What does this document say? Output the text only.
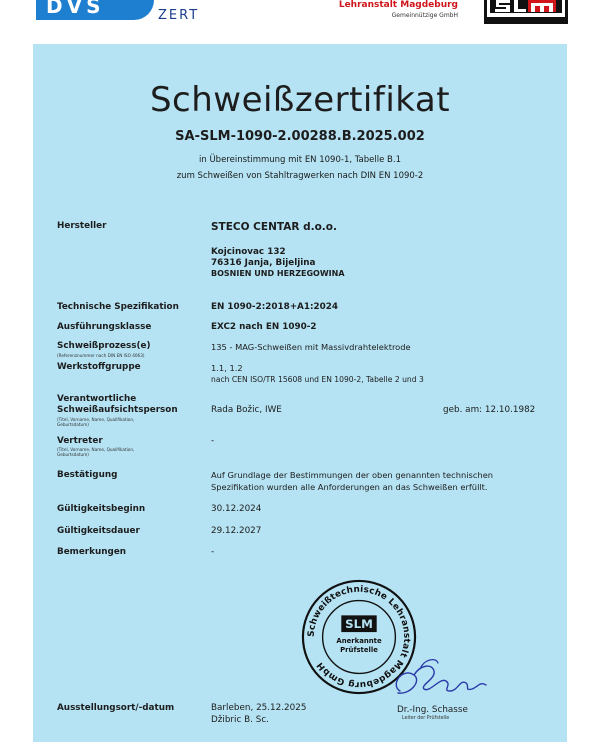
DVS	ZERT
Lehranstalt Magdeburg
Gemeinnützige GmbH
Schweißzertifikat
SA-SLM-1090-2.00288.B.2025.002
in Übereinstimmung mit EN 1090-1, Tabelle B.1
zum Schweißen von Stahltragwerken nach DIN EN 1090-2
Hersteller	STECO CENTAR d.o.o.
Kojcinovac 132
76316 Janja, Bijeljina
BOSNIEN UND HERZEGOWINA
Technische Spezifikation	EN 1090-2:2018+A1:2024
Ausführungsklasse	EXC2 nach EN 1090-2
Schweißprozess(e)
(Referenznummer nach DIN EN ISO 4063)
135 - MAG-Schweißen mit Massivdrahtelektrode
Werkstoffgruppe	1.1, 1.2
nach CEN ISO/TR 15608 und EN 1090-2, Tabelle 2 und 3
Verantwortliche
Schweißaufsichtsperson
(Titel, Vorname, Name, Qualifikation,
Geburtsdatum)
Rada Božic, IWE	geb. am: 12.10.1982
Vertreter
(Titel, Vorname, Name, Qualifikation,
Geburtsdatum)
-
Bestätigung	Auf Grundlage der Bestimmungen der oben genannten technischen
Spezifikation wurden alle Anforderungen an das Schweißen erfüllt.
Gültigkeitsbeginn	30.12.2024
Gültigkeitsdauer	29.12.2027
Bemerkungen	-
Schweißtechnische Lehranstalt Magdeburg GmbH
SLM
Anerkannte
Prüfstelle
Ausstellungsort/-datum	Barleben, 25.12.2025
Džibric B. Sc.
Dr.-Ing. Schasse
Leiter der Prüfstelle
